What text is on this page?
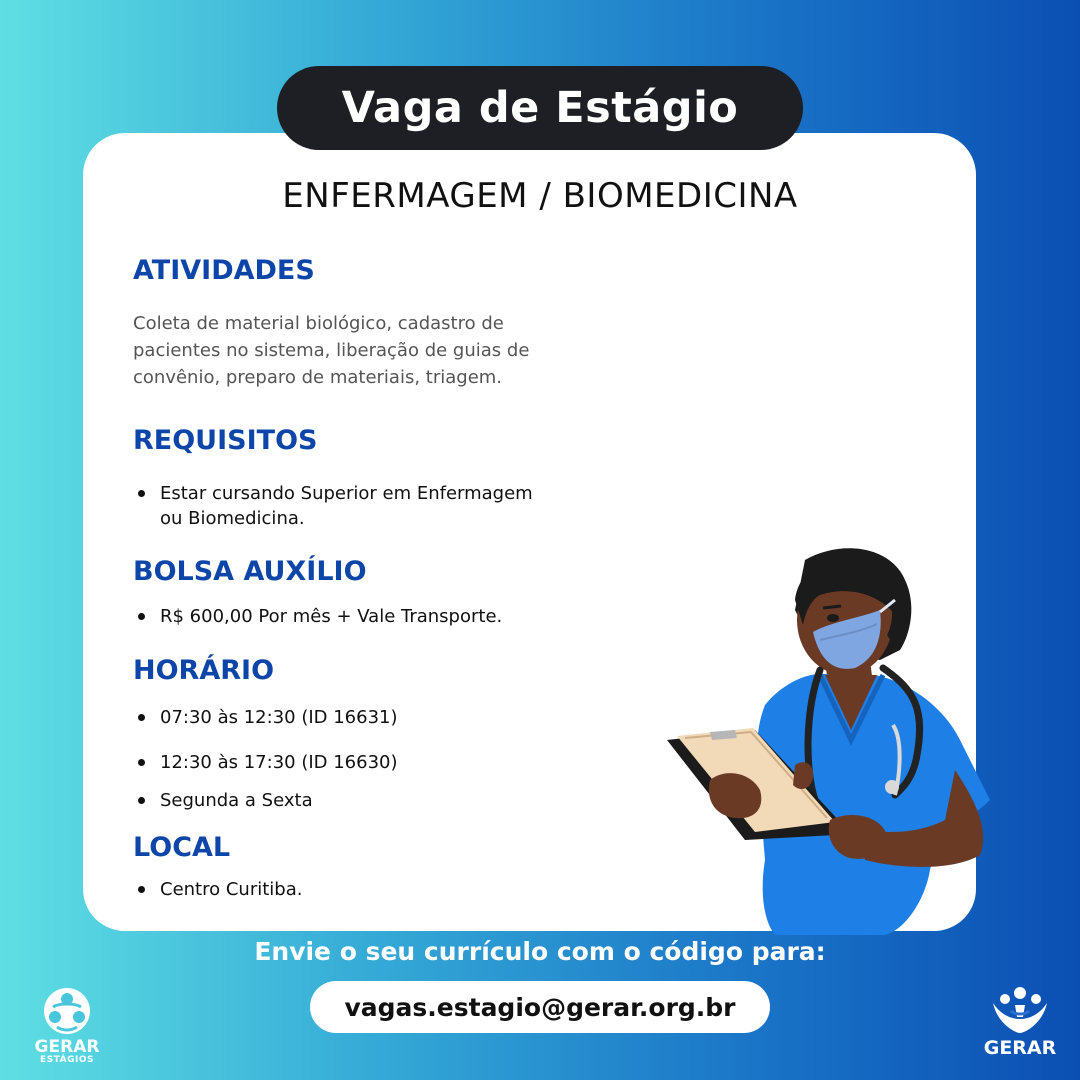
Vaga de Estágio
ENFERMAGEM / BIOMEDICINA
ATIVIDADES
Coleta de material biológico, cadastro de
pacientes no sistema, liberação de guias de
convênio, preparo de materiais, triagem.
REQUISITOS
Estar cursando Superior em Enfermagem
ou Biomedicina.
BOLSA AUXÍLIO
R$ 600,00 Por mês + Vale Transporte.
HORÁRIO
07:30 às 12:30 (ID 16631)
12:30 às 17:30 (ID 16630)
Segunda a Sexta
LOCAL
Centro Curitiba.
Envie o seu currículo com o código para:
vagas.estagio@gerar.org.br
GERAR
ESTÁGIOS
GERAR
